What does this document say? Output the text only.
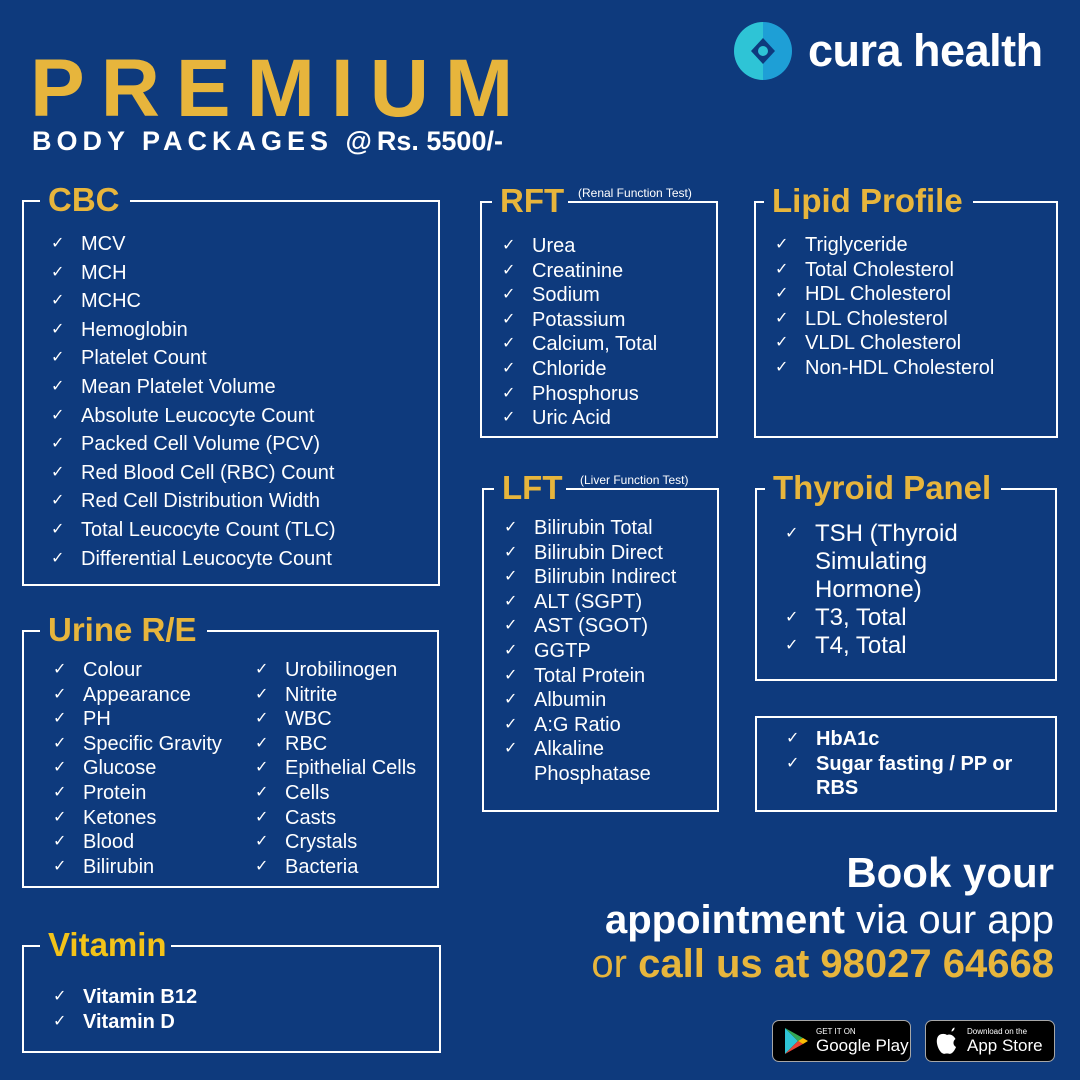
cura health
PREMIUM
BODY PACKAGES @Rs. 5500/-
CBC
✓ MCV
✓ MCH
✓ MCHC
✓ Hemoglobin
✓ Platelet Count
✓ Mean Platelet Volume
✓ Absolute Leucocyte Count
✓ Packed Cell Volume (PCV)
✓ Red Blood Cell (RBC) Count
✓ Red Cell Distribution Width
✓ Total Leucocyte Count (TLC)
✓ Differential Leucocyte Count
RFT	(Renal Function Test)
✓ Urea
✓ Creatinine
✓ Sodium
✓ Potassium
✓ Calcium, Total
✓ Chloride
✓ Phosphorus
✓ Uric Acid
Lipid Profile
✓ Triglyceride
✓ Total Cholesterol
✓ HDL Cholesterol
✓ LDL Cholesterol
✓ VLDL Cholesterol
✓ Non-HDL Cholesterol
LFT	(Liver Function Test)
✓ Bilirubin Total
✓ Bilirubin Direct
✓ Bilirubin Indirect
✓ ALT (SGPT)
✓ AST (SGOT)
✓ GGTP
✓ Total Protein
✓ Albumin
✓ A:G Ratio
✓ Alkaline Phosphatase
Thyroid Panel
✓ TSH (Thyroid Simulating Hormone)
✓ T3, Total
✓ T4, Total
✓ HbA1c
✓ Sugar fasting / PP or RBS
Urine R/E
✓ Colour
✓ Appearance
✓ PH
✓ Specific Gravity
✓ Glucose
✓ Protein
✓ Ketones
✓ Blood
✓ Bilirubin
✓ Urobilinogen
✓ Nitrite
✓ WBC
✓ RBC
✓ Epithelial Cells
✓ Cells
✓ Casts
✓ Crystals
✓ Bacteria
Vitamin
✓ Vitamin B12
✓ Vitamin D
Book your
appointment via our app
or call us at 98027 64668
GET IT ON
Google Play
Download on the
App Store
